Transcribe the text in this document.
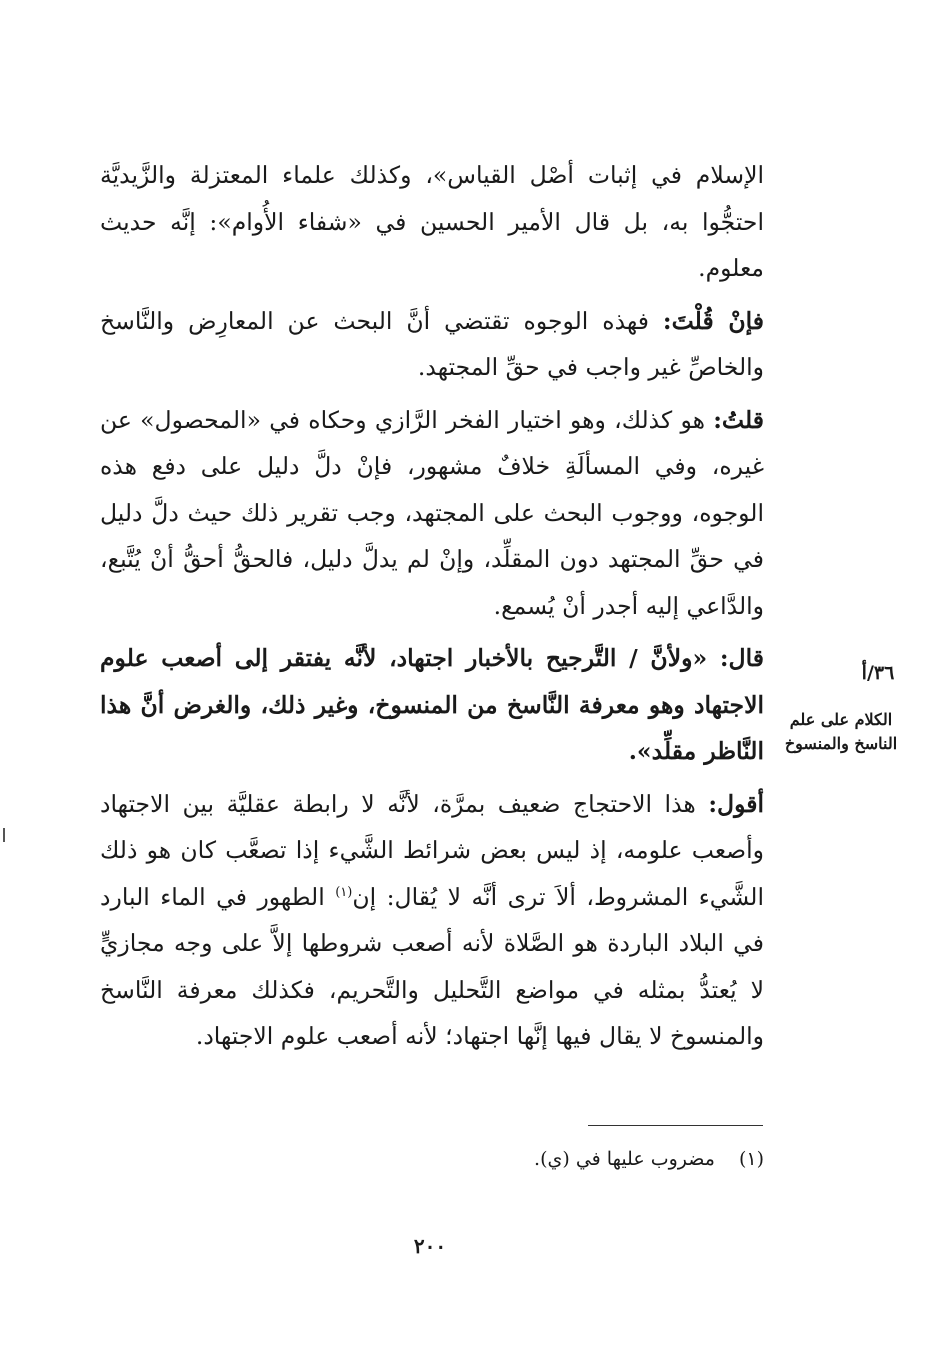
الإسلام في إثبات أصْل القياس»، وكذلك علماء المعتزلة والزَّيديَّة احتجُّوا به، بل قال الأمير الحسين في «شفاء الأُوام»: إنَّه حديث معلوم.

فإنْ قُلْتَ: فهذه الوجوه تقتضي أنَّ البحث عن المعارِض والنَّاسخ والخاصِّ غير واجب في حقِّ المجتهد.

قلتُ: هو كذلك، وهو اختيار الفخر الرَّازي وحكاه في «المحصول» عن غيره، وفي المسألَةِ خلافٌ مشهور، فإنْ دلَّ دليل على دفع هذه الوجوه، ووجوب البحث على المجتهد، وجب تقرير ذلك حيث دلَّ دليل في حقِّ المجتهد دون المقلِّد، وإنْ لم يدلَّ دليل، فالحقُّ أحقُّ أنْ يُتَّبع، والدَّاعي إليه أجدر أنْ يُسمع.

قال: «ولأنَّ / التَّرجيح بالأخبار اجتهاد، لأنَّه يفتقر إلى أصعب علوم الاجتهاد وهو معرفة النَّاسخ من المنسوخ، وغير ذلك، والغرض أنَّ هذا النَّاظر مقلِّد».

أقول: هذا الاحتجاج ضعيف بمرَّة، لأنَّه لا رابطة عقليَّة بين الاجتهاد وأصعب علومه، إذ ليس بعض شرائط الشَّيء إذا تصعَّب كان هو ذلك الشَّيء المشروط، ألاَ ترى أنَّه لا يُقال: إن$^{(١)}$ الطهور في الماء البارد في البلاد الباردة هو الصَّلاة لأنه أصعب شروطها إلاَّ على وجه مجازيٍّ لا يُعتدُّ بمثله في مواضع التَّحليل والتَّحريم، فكذلك معرفة النَّاسخ والمنسوخ لا يقال فيها إنَّها اجتهاد؛ لأنه أصعب علوم الاجتهاد.

٣٦/أ
الكلام على علم الناسخ والمنسوخ
(١)مضروب عليها في (ي).
٢٠٠
